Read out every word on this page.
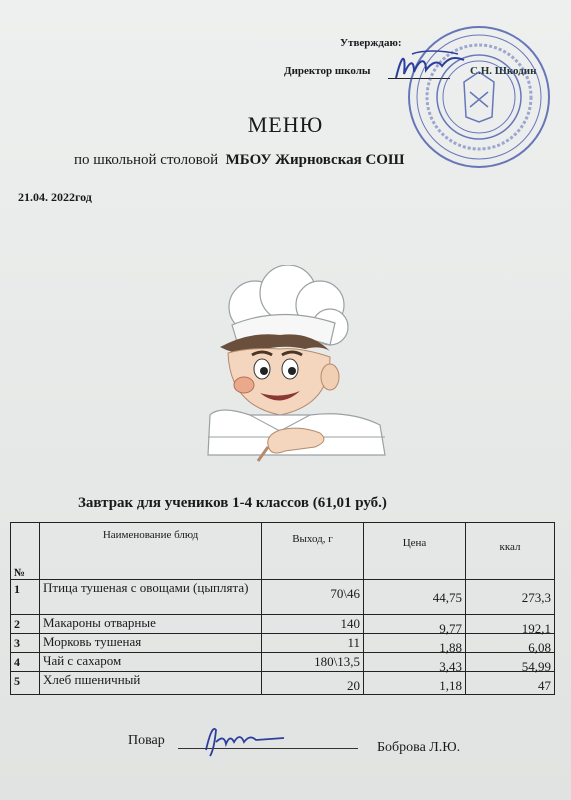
Утверждаю:
Директор школы	С.Н. Шкодин
МЕНЮ
по школьной столовой МБОУ Жирновская СОШ
21.04. 2022год
Завтрак для учеников 1-4 классов (61,01 руб.)
№	Наименование блюд	Выход, г	Цена	ккал
1	Птица тушеная с овощами (цыплята)	70\46	44,75	273,3
2	Макароны отварные	140	9,77	192,1
3	Морковь тушеная	11	1,88	6,08
4	Чай с сахаром	180\13,5	3,43	54,99
5	Хлеб пшеничный	20	1,18	47
Повар	Боброва Л.Ю.
